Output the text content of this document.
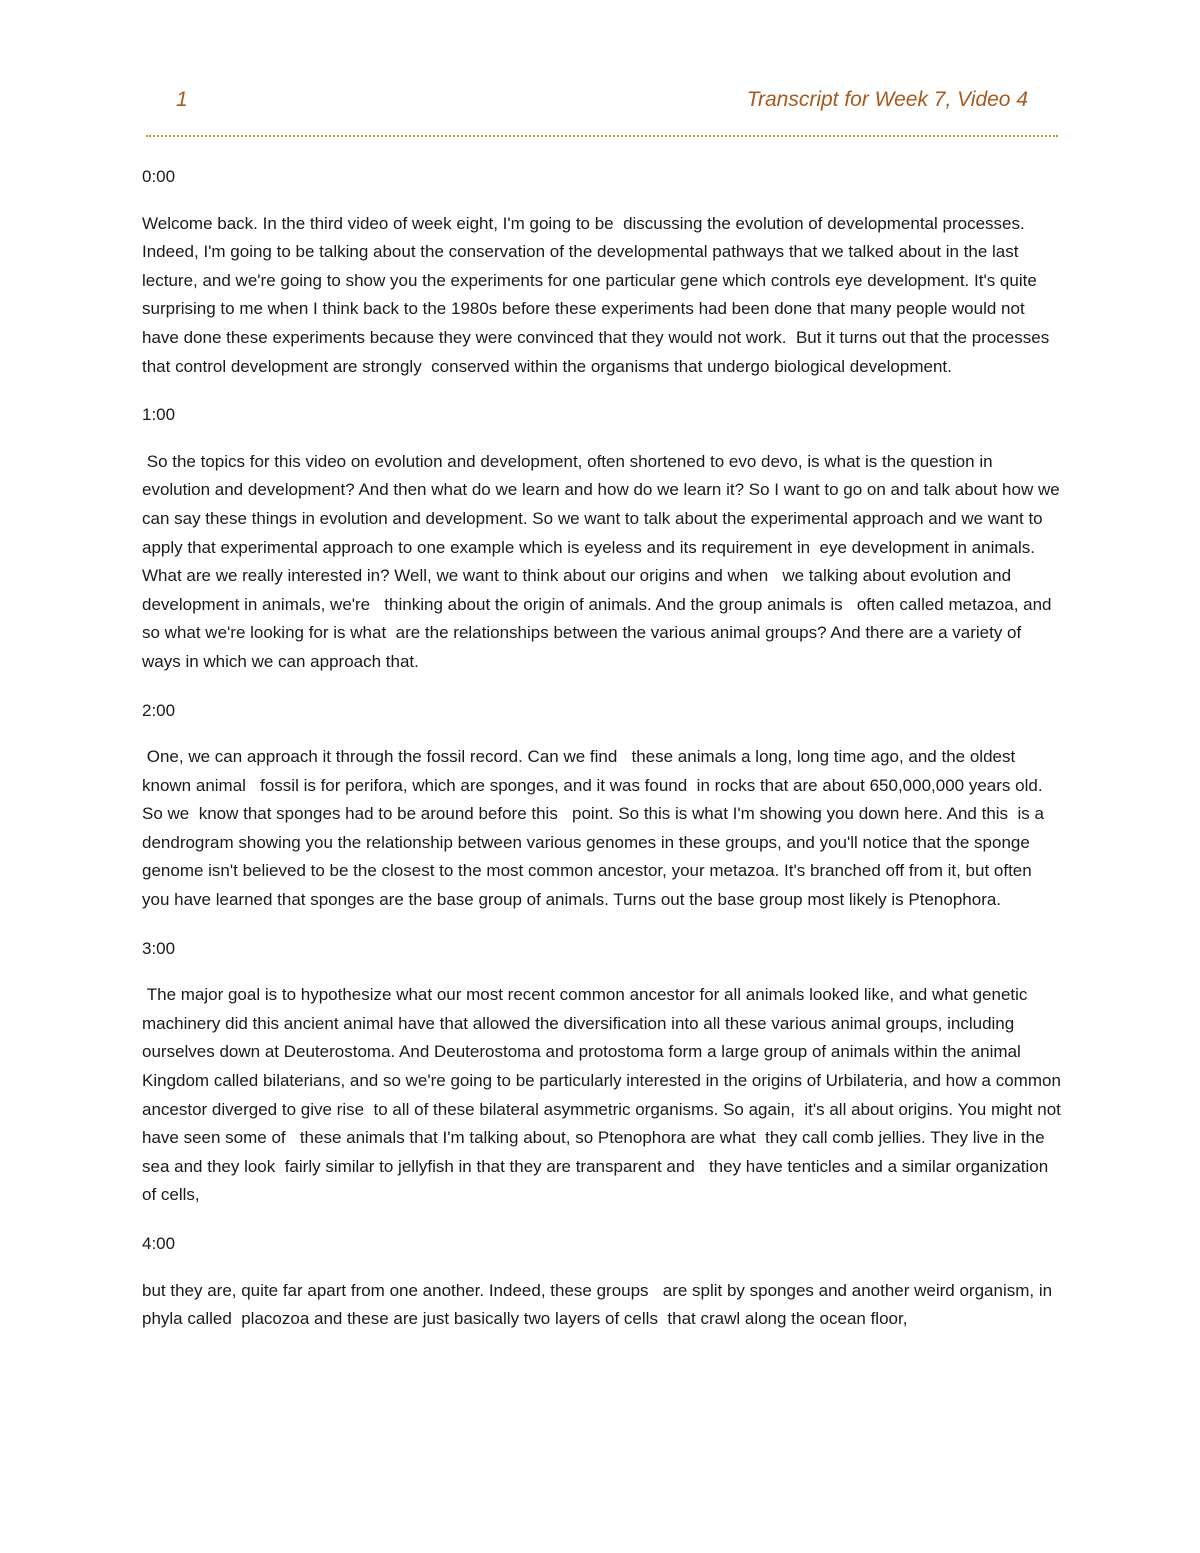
1	Transcript for Week 7, Video 4
0:00
Welcome back. In the third video of week eight, I'm going to be  discussing the evolution of developmental processes.  Indeed, I'm going to be talking about the conservation of the developmental pathways that we talked about in the last lecture, and we're going to show you the experiments for one particular gene which controls eye development. It's quite surprising to me when I think back to the 1980s before these experiments had been done that many people would not have done these experiments because they were convinced that they would not work.  But it turns out that the processes that control development are strongly  conserved within the organisms that undergo biological development.
1:00
So the topics for this video on evolution and development, often shortened to evo devo, is what is the question in evolution and development? And then what do we learn and how do we learn it? So I want to go on and talk about how we can say these things in evolution and development. So we want to talk about the experimental approach and we want to apply that experimental approach to one example which is eyeless and its requirement in  eye development in animals. What are we really interested in? Well, we want to think about our origins and when   we talking about evolution and development in animals, we're   thinking about the origin of animals. And the group animals is   often called metazoa, and so what we're looking for is what  are the relationships between the various animal groups? And there are a variety of ways in which we can approach that.
2:00
One, we can approach it through the fossil record. Can we find   these animals a long, long time ago, and the oldest known animal   fossil is for perifora, which are sponges, and it was found  in rocks that are about 650,000,000 years old. So we  know that sponges had to be around before this   point. So this is what I'm showing you down here. And this  is a dendrogram showing you the relationship between various genomes in these groups, and you'll notice that the sponge genome isn't believed to be the closest to the most common ancestor, your metazoa. It's branched off from it, but often you have learned that sponges are the base group of animals. Turns out the base group most likely is Ptenophora.
3:00
The major goal is to hypothesize what our most recent common ancestor for all animals looked like, and what genetic machinery did this ancient animal have that allowed the diversification into all these various animal groups, including ourselves down at Deuterostoma. And Deuterostoma and protostoma form a large group of animals within the animal Kingdom called bilaterians, and so we're going to be particularly interested in the origins of Urbilateria, and how a common ancestor diverged to give rise  to all of these bilateral asymmetric organisms. So again,  it's all about origins. You might not have seen some of   these animals that I'm talking about, so Ptenophora are what  they call comb jellies. They live in the sea and they look  fairly similar to jellyfish in that they are transparent and   they have tenticles and a similar organization of cells,
4:00
but they are, quite far apart from one another. Indeed, these groups   are split by sponges and another weird organism, in phyla called  placozoa and these are just basically two layers of cells  that crawl along the ocean floor,
